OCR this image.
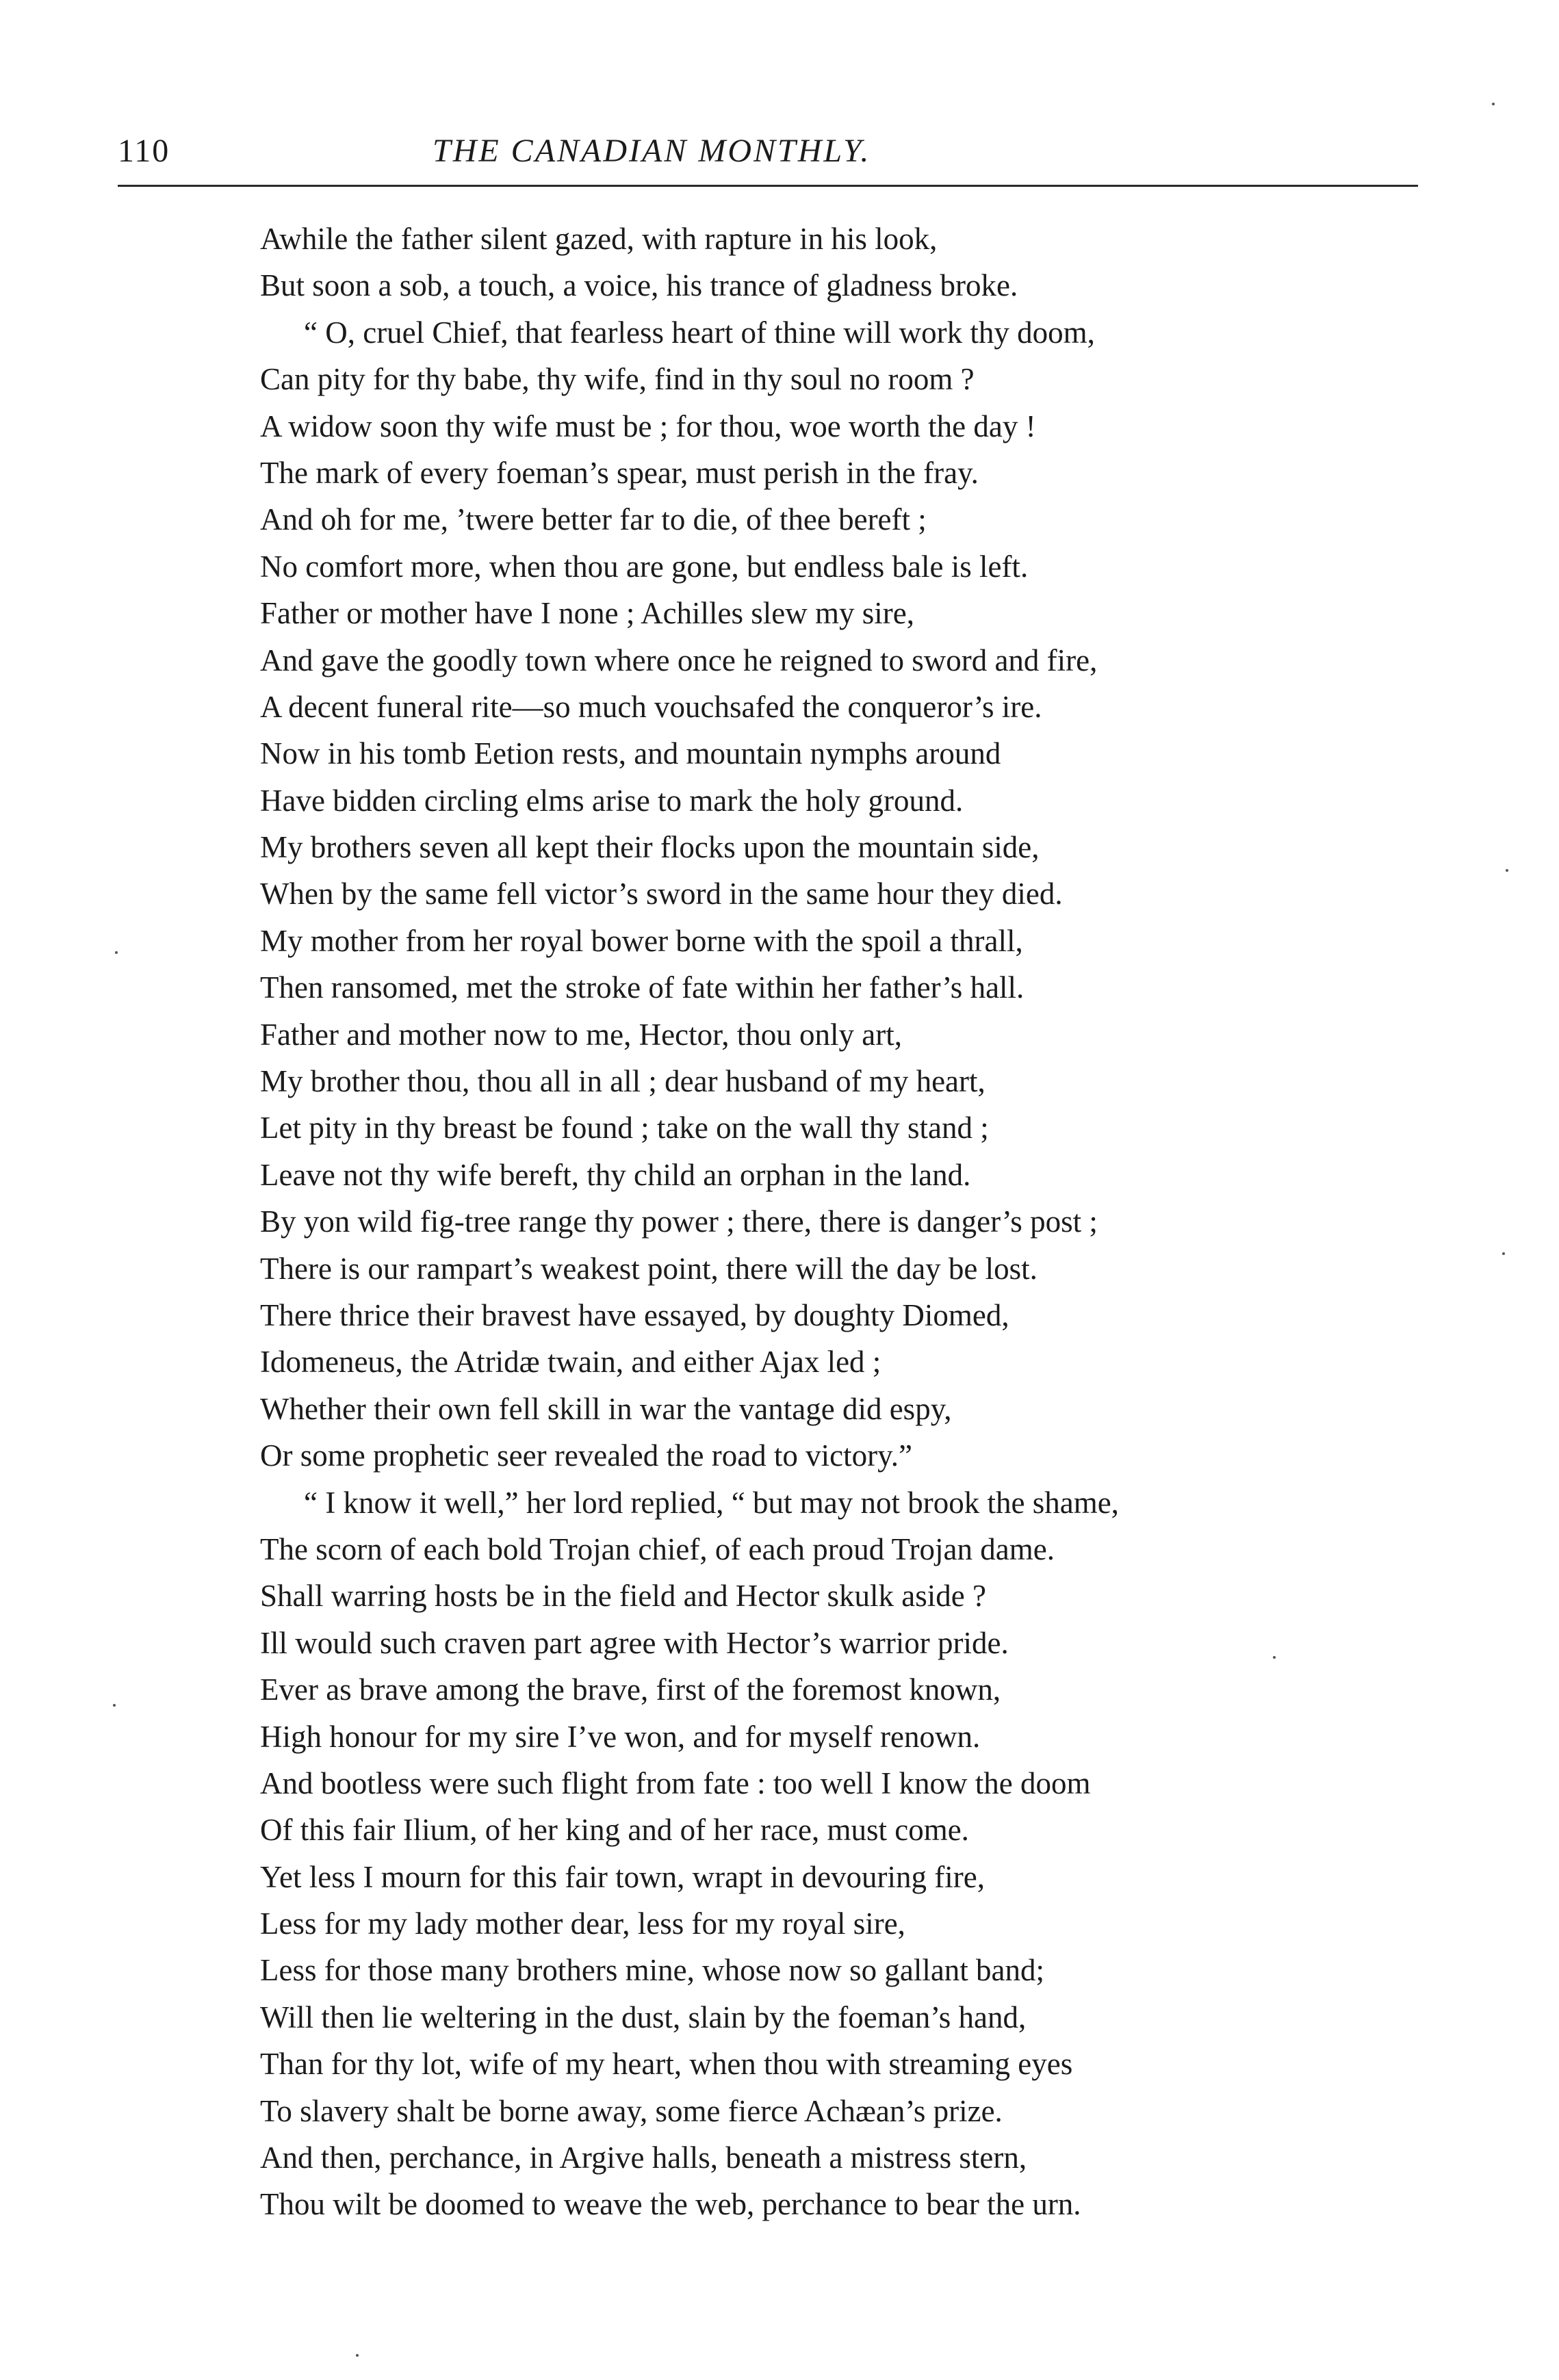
110	THE CANADIAN MONTHLY.
Awhile the father silent gazed, with rapture in his look,
But soon a sob, a touch, a voice, his trance of gladness broke.
“ O, cruel Chief, that fearless heart of thine will work thy doom,
Can pity for thy babe, thy wife, find in thy soul no room ?
A widow soon thy wife must be ; for thou, woe worth the day !
The mark of every foeman’s spear, must perish in the fray.
And oh for me, ’twere better far to die, of thee bereft ;
No comfort more, when thou are gone, but endless bale is left.
Father or mother have I none ; Achilles slew my sire,
And gave the goodly town where once he reigned to sword and fire,
A decent funeral rite—so much vouchsafed the conqueror’s ire.
Now in his tomb Eetion rests, and mountain nymphs around
Have bidden circling elms arise to mark the holy ground.
My brothers seven all kept their flocks upon the mountain side,
When by the same fell victor’s sword in the same hour they died.
My mother from her royal bower borne with the spoil a thrall,
Then ransomed, met the stroke of fate within her father’s hall.
Father and mother now to me, Hector, thou only art,
My brother thou, thou all in all ; dear husband of my heart,
Let pity in thy breast be found ; take on the wall thy stand ;
Leave not thy wife bereft, thy child an orphan in the land.
By yon wild fig-tree range thy power ; there, there is danger’s post ;
There is our rampart’s weakest point, there will the day be lost.
There thrice their bravest have essayed, by doughty Diomed,
Idomeneus, the Atridæ twain, and either Ajax led ;
Whether their own fell skill in war the vantage did espy,
Or some prophetic seer revealed the road to victory.”
“ I know it well,” her lord replied, “ but may not brook the shame,
The scorn of each bold Trojan chief, of each proud Trojan dame.
Shall warring hosts be in the field and Hector skulk aside ?
Ill would such craven part agree with Hector’s warrior pride.
Ever as brave among the brave, first of the foremost known,
High honour for my sire I’ve won, and for myself renown.
And bootless were such flight from fate : too well I know the doom
Of this fair Ilium, of her king and of her race, must come.
Yet less I mourn for this fair town, wrapt in devouring fire,
Less for my lady mother dear, less for my royal sire,
Less for those many brothers mine, whose now so gallant band;
Will then lie weltering in the dust, slain by the foeman’s hand,
Than for thy lot, wife of my heart, when thou with streaming eyes
To slavery shalt be borne away, some fierce Achæan’s prize.
And then, perchance, in Argive halls, beneath a mistress stern,
Thou wilt be doomed to weave the web, perchance to bear the urn.
